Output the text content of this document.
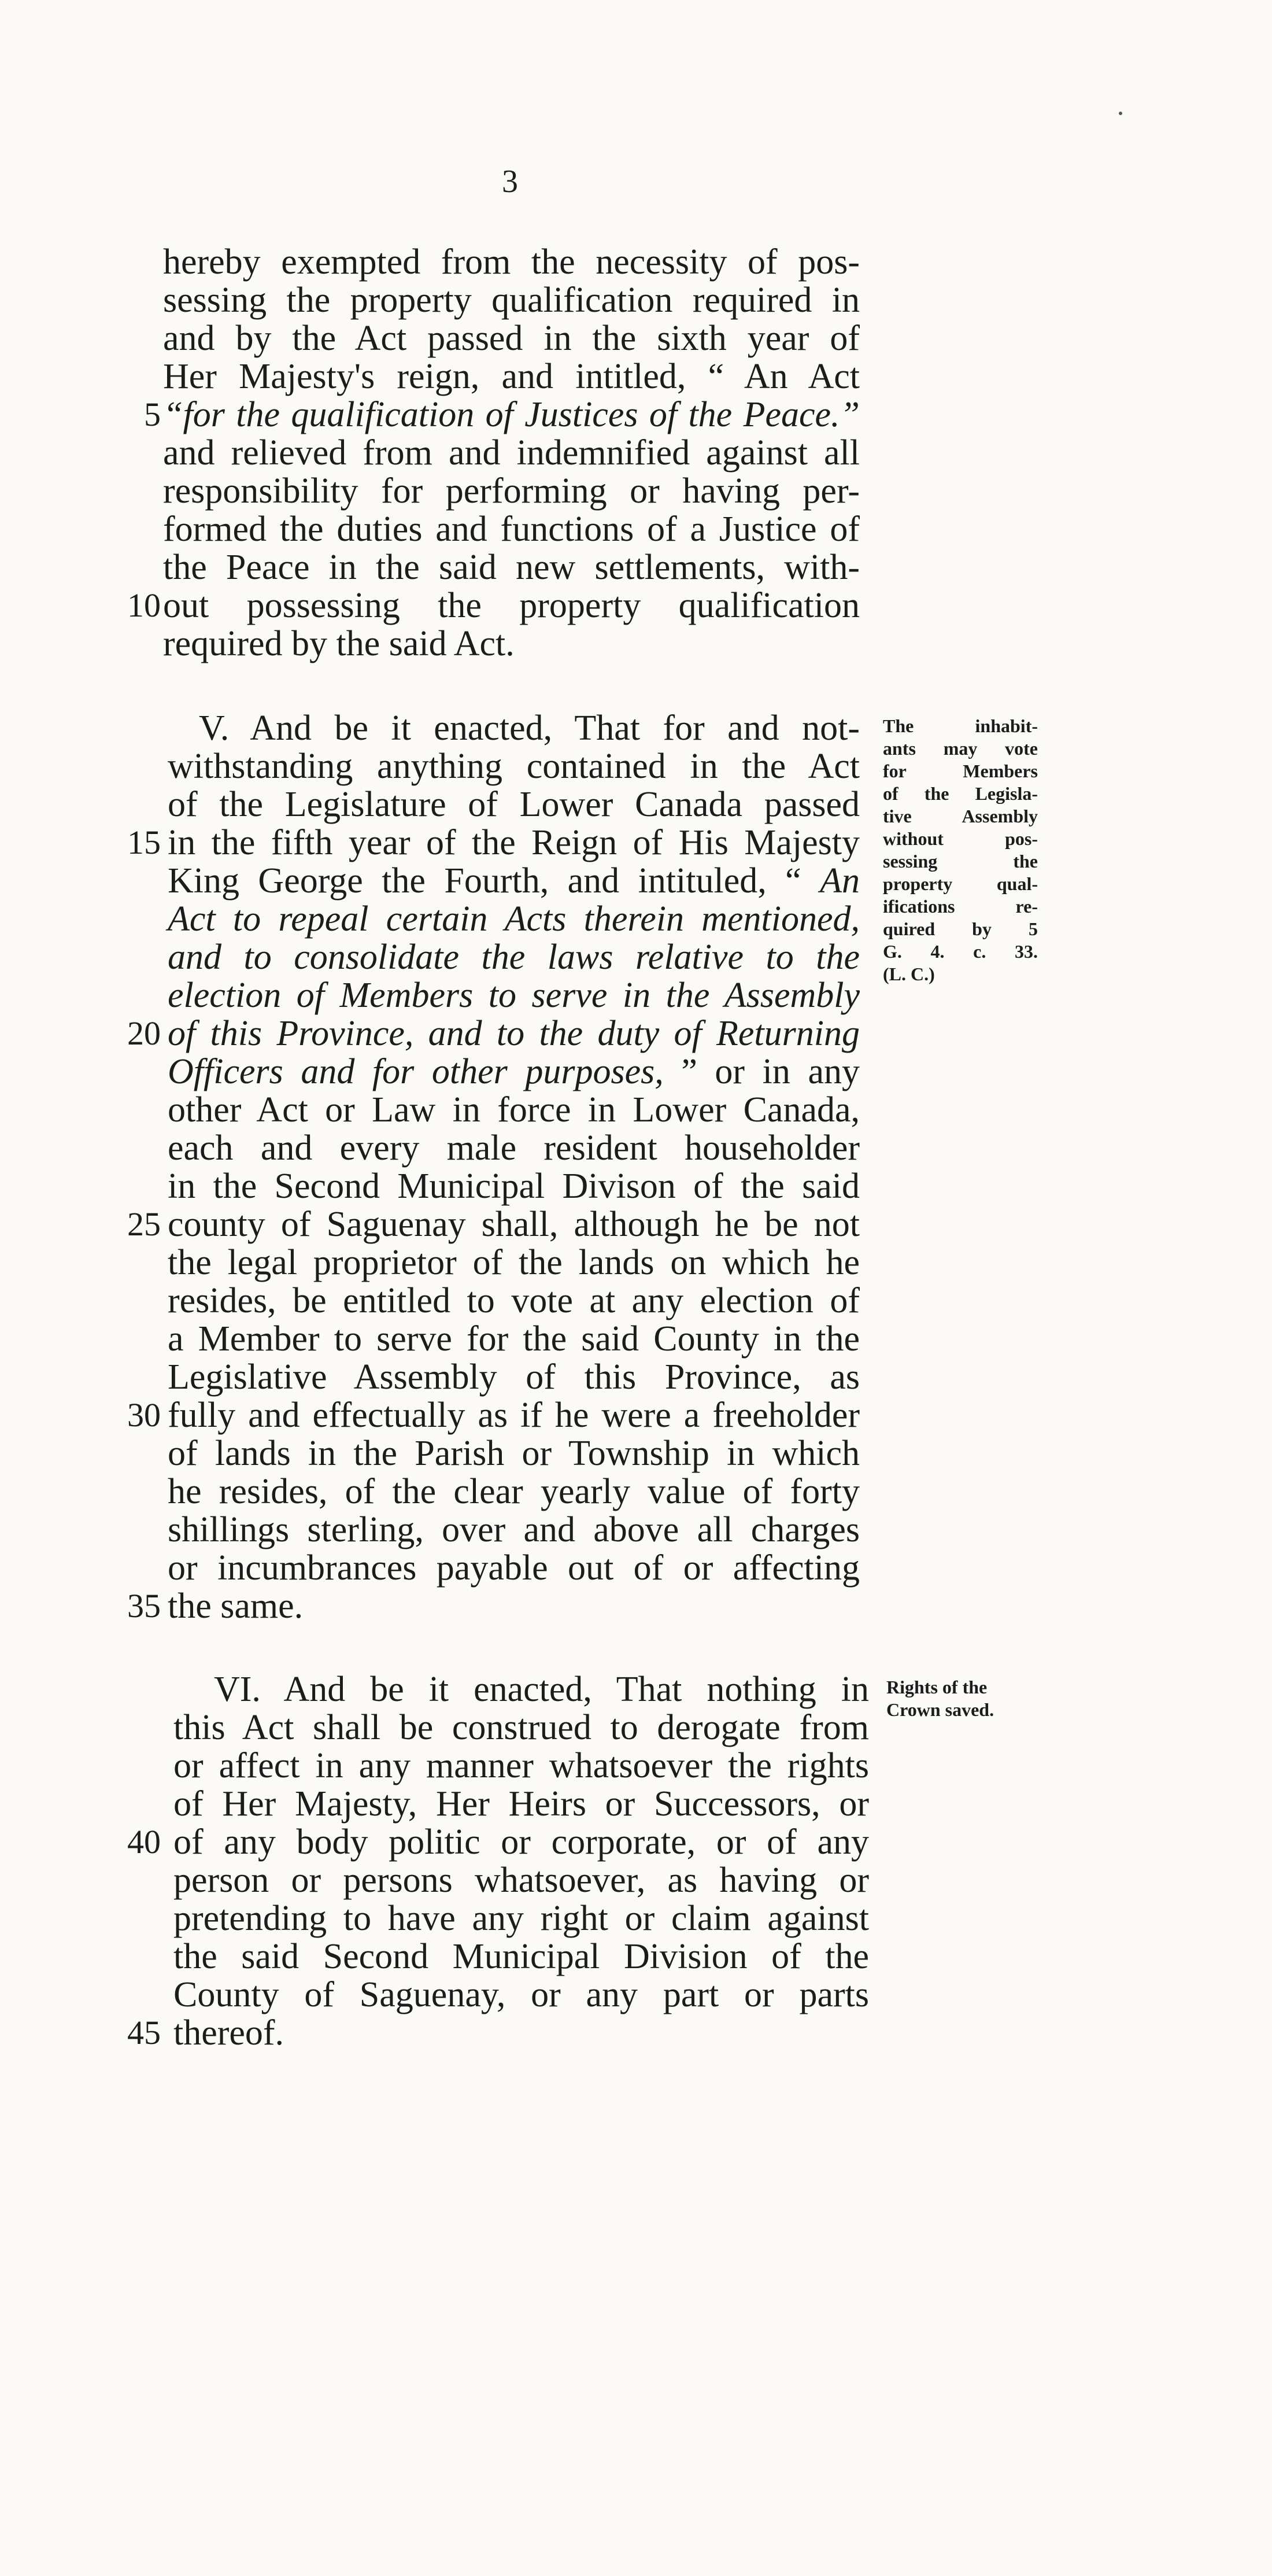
3
hereby exempted from the necessity of pos-
sessing the property qualification required in
and by the Act passed in the sixth year of
Her Majesty's reign, and intitled, “ An Act
5 “for the qualification of Justices of the Peace.”
and relieved from and indemnified against all
responsibility for performing or having per-
formed the duties and functions of a Justice of
the Peace in the said new settlements, with-
10 out possessing the property qualification
required by the said Act.
V. And be it enacted, That for and not-
withstanding anything contained in the Act
of the Legislature of Lower Canada passed
15 in the fifth year of the Reign of His Majesty
King George the Fourth, and intituled, “ An
Act to repeal certain Acts therein mentioned,
and to consolidate the laws relative to the
election of Members to serve in the Assembly
20 of this Province, and to the duty of Returning
Officers and for other purposes, ” or in any
other Act or Law in force in Lower Canada,
each and every male resident householder
in the Second Municipal Divison of the said
25 county of Saguenay shall, although he be not
the legal proprietor of the lands on which he
resides, be entitled to vote at any election of
a Member to serve for the said County in the
Legislative Assembly of this Province, as
30 fully and effectually as if he were a freeholder
of lands in the Parish or Township in which
he resides, of the clear yearly value of forty
shillings sterling, over and above all charges
or incumbrances payable out of or affecting
35 the same.
The inhabit-
ants may vote
for Members
of the Legisla-
tive Assembly
without pos-
sessing the
property qual-
ifications re-
quired by 5
G. 4. c. 33.
(L. C.)
VI. And be it enacted, That nothing in
this Act shall be construed to derogate from
or affect in any manner whatsoever the rights
of Her Majesty, Her Heirs or Successors, or
40 of any body politic or corporate, or of any
person or persons whatsoever, as having or
pretending to have any right or claim against
the said Second Municipal Division of the
County of Saguenay, or any part or parts
45 thereof.
Rights of the
Crown saved.
